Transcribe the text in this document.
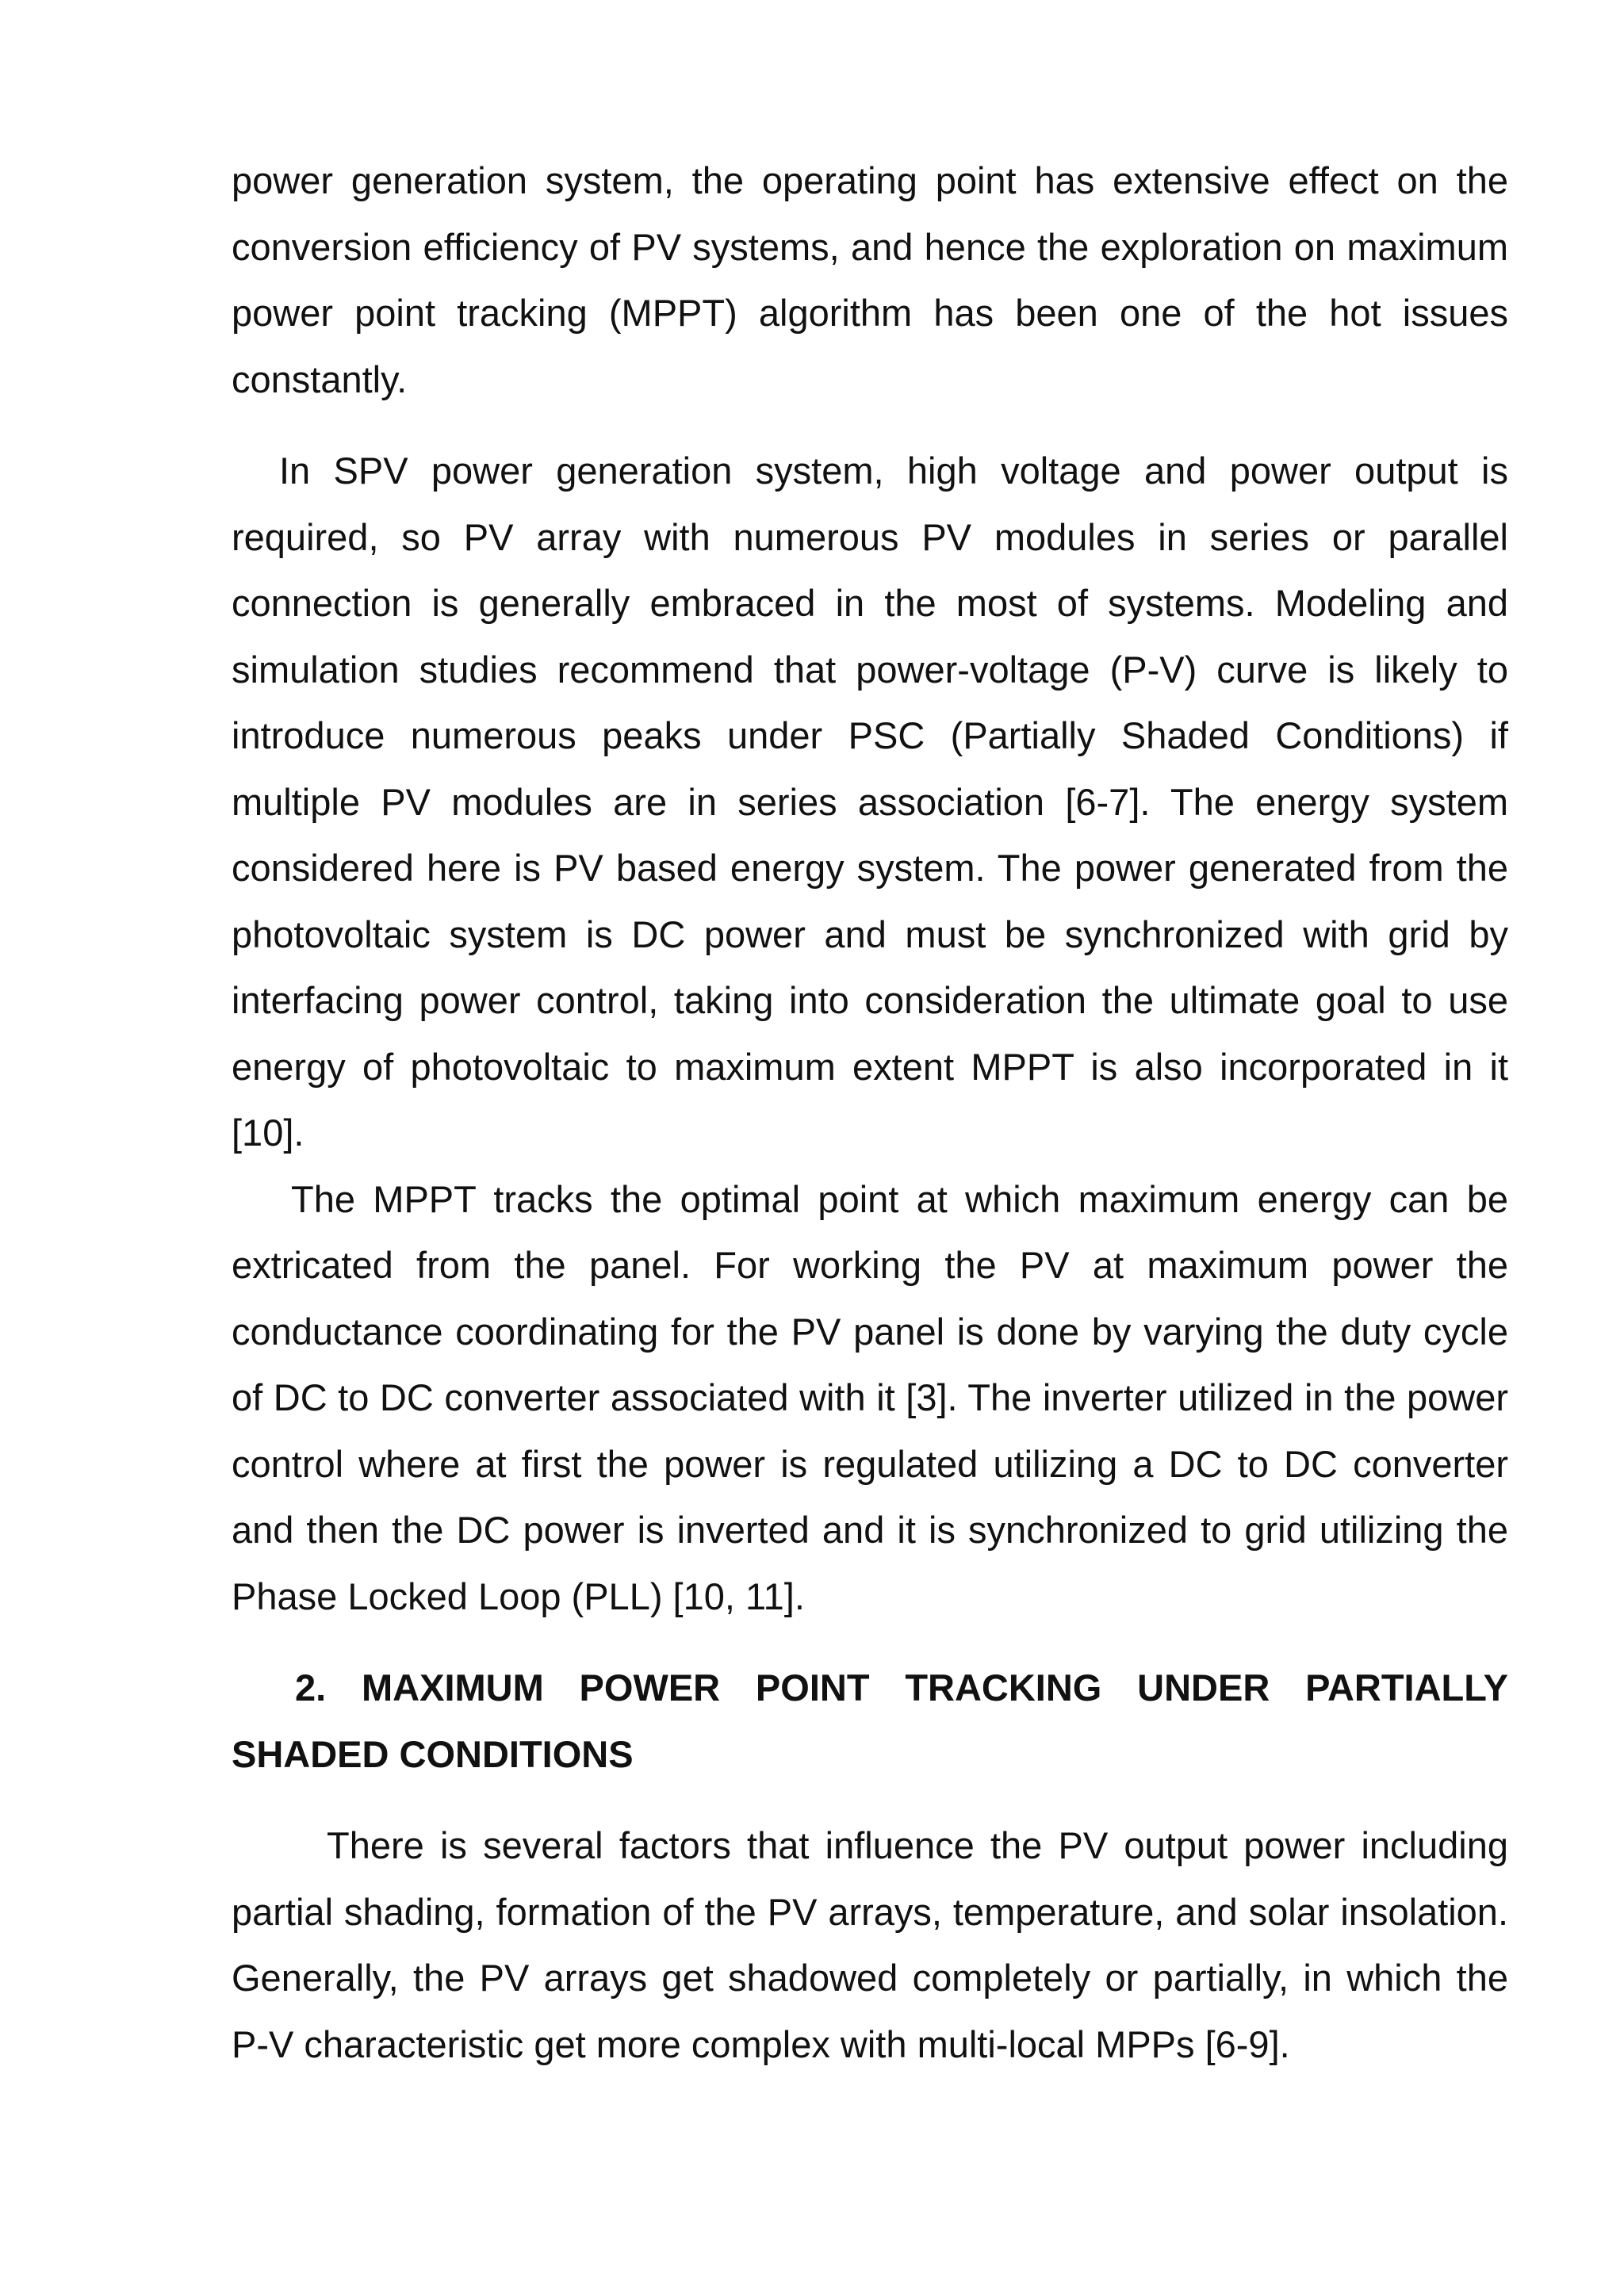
power generation system, the operating point has extensive effect on the
conversion efficiency of PV systems, and hence the exploration on maximum
power point tracking (MPPT) algorithm has been one of the hot issues
constantly.
In SPV power generation system, high voltage and power output is
required, so PV array with numerous PV modules in series or parallel
connection is generally embraced in the most of systems. Modeling and
simulation studies recommend that power-voltage (P-V) curve is likely to
introduce numerous peaks under PSC (Partially Shaded Conditions) if
multiple PV modules are in series association [6-7]. The energy system
considered here is PV based energy system. The power generated from the
photovoltaic system is DC power and must be synchronized with grid by
interfacing power control, taking into consideration the ultimate goal to use
energy of photovoltaic to maximum extent MPPT is also incorporated in it
[10].
The MPPT tracks the optimal point at which maximum energy can be
extricated from the panel. For working the PV at maximum power the
conductance coordinating for the PV panel is done by varying the duty cycle
of DC to DC converter associated with it [3]. The inverter utilized in the power
control where at first the power is regulated utilizing a DC to DC converter
and then the DC power is inverted and it is synchronized to grid utilizing the
Phase Locked Loop (PLL) [10, 11].
2. MAXIMUM POWER POINT TRACKING UNDER PARTIALLY
SHADED CONDITIONS
There is several factors that influence the PV output power including
partial shading, formation of the PV arrays, temperature, and solar insolation.
Generally, the PV arrays get shadowed completely or partially, in which the
P-V characteristic get more complex with multi-local MPPs [6-9].
